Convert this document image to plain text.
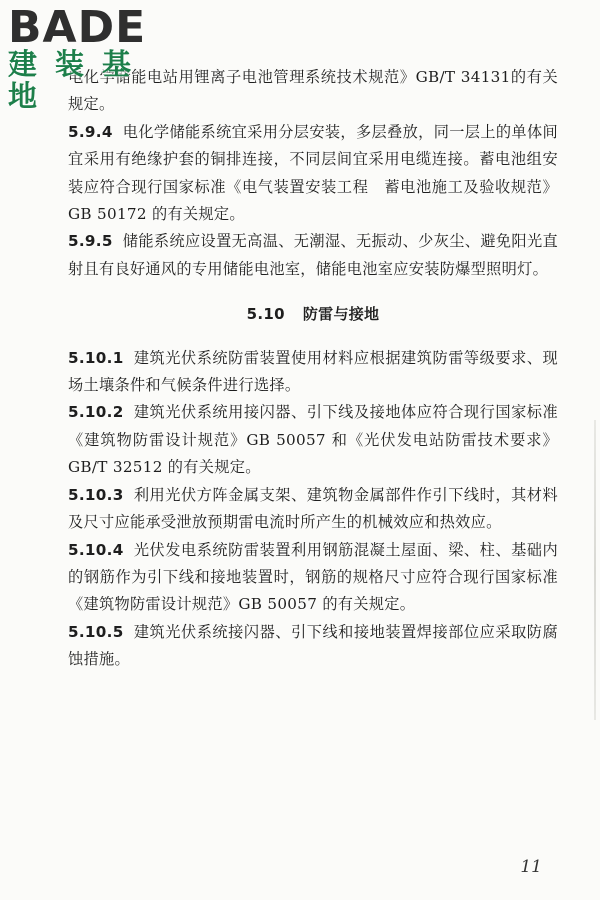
BADE
建装基地

电化学储能电站用锂离子电池管理系统技术规范》GB/T 34131的有关规定。

5.9.4 电化学储能系统宜采用分层安装，多层叠放，同一层上的单体间宜采用有绝缘护套的铜排连接，不同层间宜采用电缆连接。蓄电池组安装应符合现行国家标准《电气装置安装工程　蓄电池施工及验收规范》GB 50172 的有关规定。

5.9.5 储能系统应设置无高温、无潮湿、无振动、少灰尘、避免阳光直射且有良好通风的专用储能电池室，储能电池室应安装防爆型照明灯。

5.10 防雷与接地

5.10.1 建筑光伏系统防雷装置使用材料应根据建筑防雷等级要求、现场土壤条件和气候条件进行选择。

5.10.2 建筑光伏系统用接闪器、引下线及接地体应符合现行国家标准《建筑物防雷设计规范》GB 50057 和《光伏发电站防雷技术要求》GB/T 32512 的有关规定。

5.10.3 利用光伏方阵金属支架、建筑物金属部件作引下线时，其材料及尺寸应能承受泄放预期雷电流时所产生的机械效应和热效应。

5.10.4 光伏发电系统防雷装置利用钢筋混凝土屋面、梁、柱、基础内的钢筋作为引下线和接地装置时，钢筋的规格尺寸应符合现行国家标准《建筑物防雷设计规范》GB 50057 的有关规定。

5.10.5 建筑光伏系统接闪器、引下线和接地装置焊接部位应采取防腐蚀措施。

11
